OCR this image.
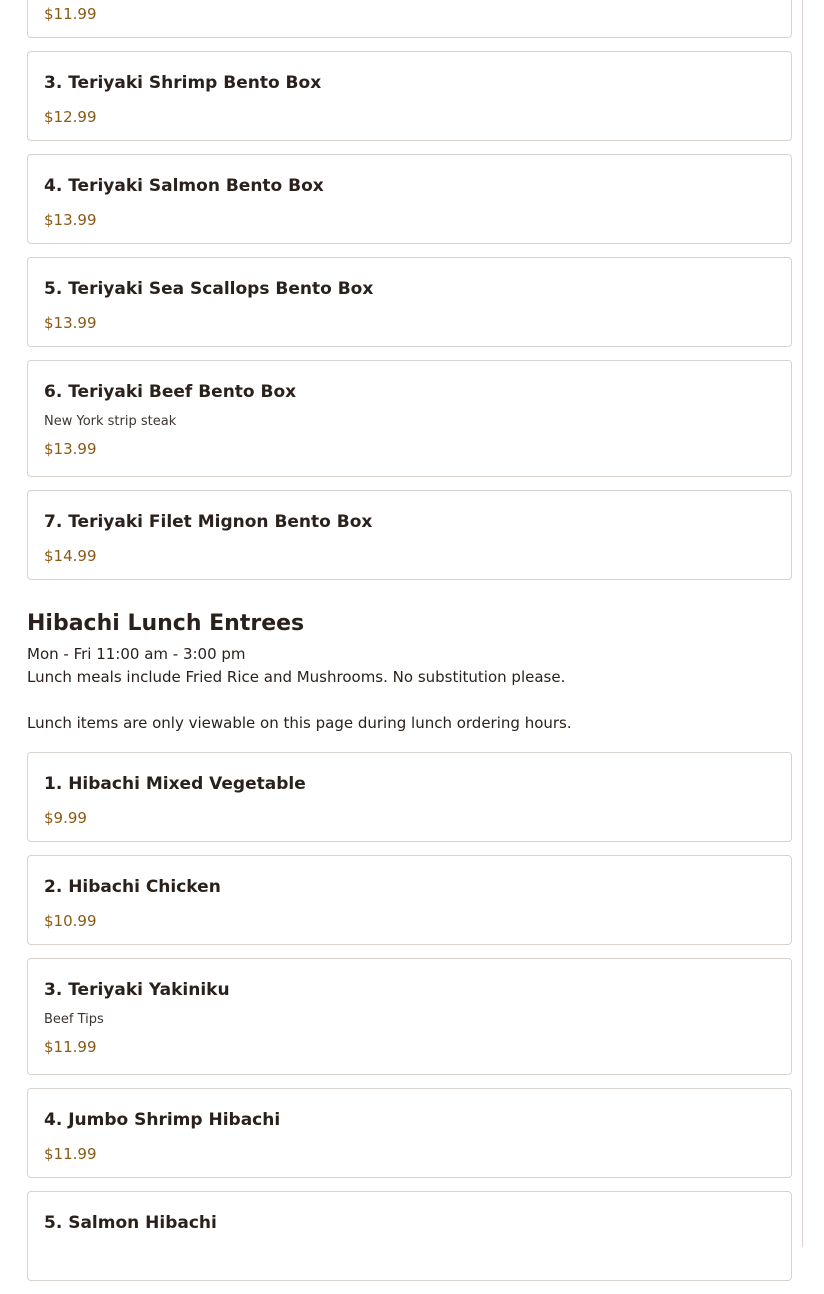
$11.99
3. Teriyaki Shrimp Bento Box
$12.99
4. Teriyaki Salmon Bento Box
$13.99
5. Teriyaki Sea Scallops Bento Box
$13.99
6. Teriyaki Beef Bento Box
New York strip steak
$13.99
7. Teriyaki Filet Mignon Bento Box
$14.99
Hibachi Lunch Entrees
Mon - Fri 11:00 am - 3:00 pm
Lunch meals include Fried Rice and Mushrooms. No substitution please.
Lunch items are only viewable on this page during lunch ordering hours.
1. Hibachi Mixed Vegetable
$9.99
2. Hibachi Chicken
$10.99
3. Teriyaki Yakiniku
Beef Tips
$11.99
4. Jumbo Shrimp Hibachi
$11.99
5. Salmon Hibachi
